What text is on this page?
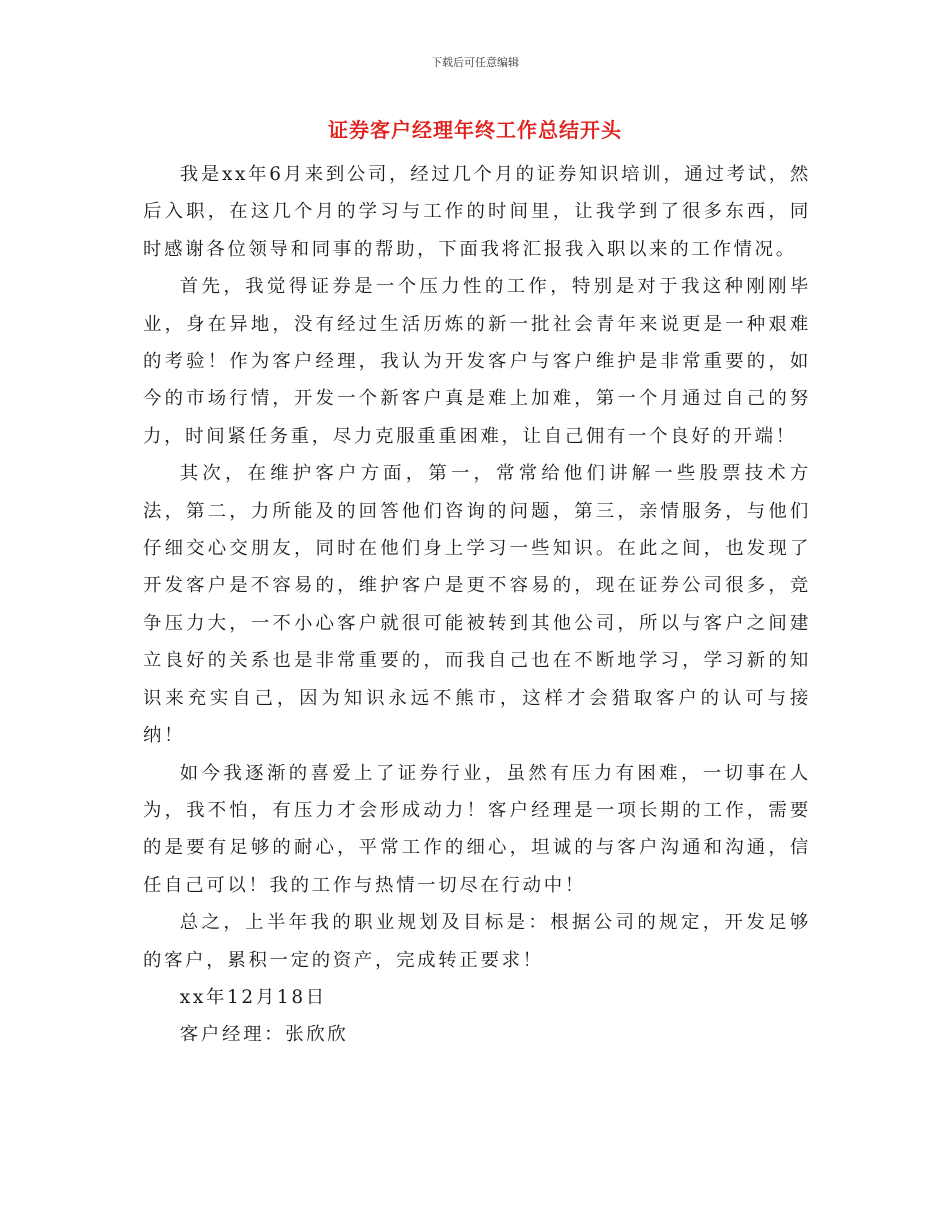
下载后可任意编辑
证券客户经理年终工作总结开头

我是xx年6月来到公司，经过几个月的证券知识培训，通过考试，然后入职，在这几个月的学习与工作的时间里，让我学到了很多东西，同时感谢各位领导和同事的帮助，下面我将汇报我入职以来的工作情况。

首先，我觉得证券是一个压力性的工作，特别是对于我这种刚刚毕业，身在异地，没有经过生活历炼的新一批社会青年来说更是一种艰难的考验！作为客户经理，我认为开发客户与客户维护是非常重要的，如今的市场行情，开发一个新客户真是难上加难，第一个月通过自己的努力，时间紧任务重，尽力克服重重困难，让自己佣有一个良好的开端！

其次，在维护客户方面，第一，常常给他们讲解一些股票技术方法，第二，力所能及的回答他们咨询的问题，第三，亲情服务，与他们仔细交心交朋友，同时在他们身上学习一些知识。在此之间，也发现了开发客户是不容易的，维护客户是更不容易的，现在证券公司很多，竞争压力大，一不小心客户就很可能被转到其他公司，所以与客户之间建立良好的关系也是非常重要的，而我自己也在不断地学习，学习新的知识来充实自己，因为知识永远不熊市，这样才会猎取客户的认可与接纳！

如今我逐渐的喜爱上了证券行业，虽然有压力有困难，一切事在人为，我不怕，有压力才会形成动力！客户经理是一项长期的工作，需要的是要有足够的耐心，平常工作的细心，坦诚的与客户沟通和沟通，信任自己可以！我的工作与热情一切尽在行动中！

总之，上半年我的职业规划及目标是：根据公司的规定，开发足够的客户，累积一定的资产，完成转正要求！

xx年12月18日

客户经理：张欣欣
